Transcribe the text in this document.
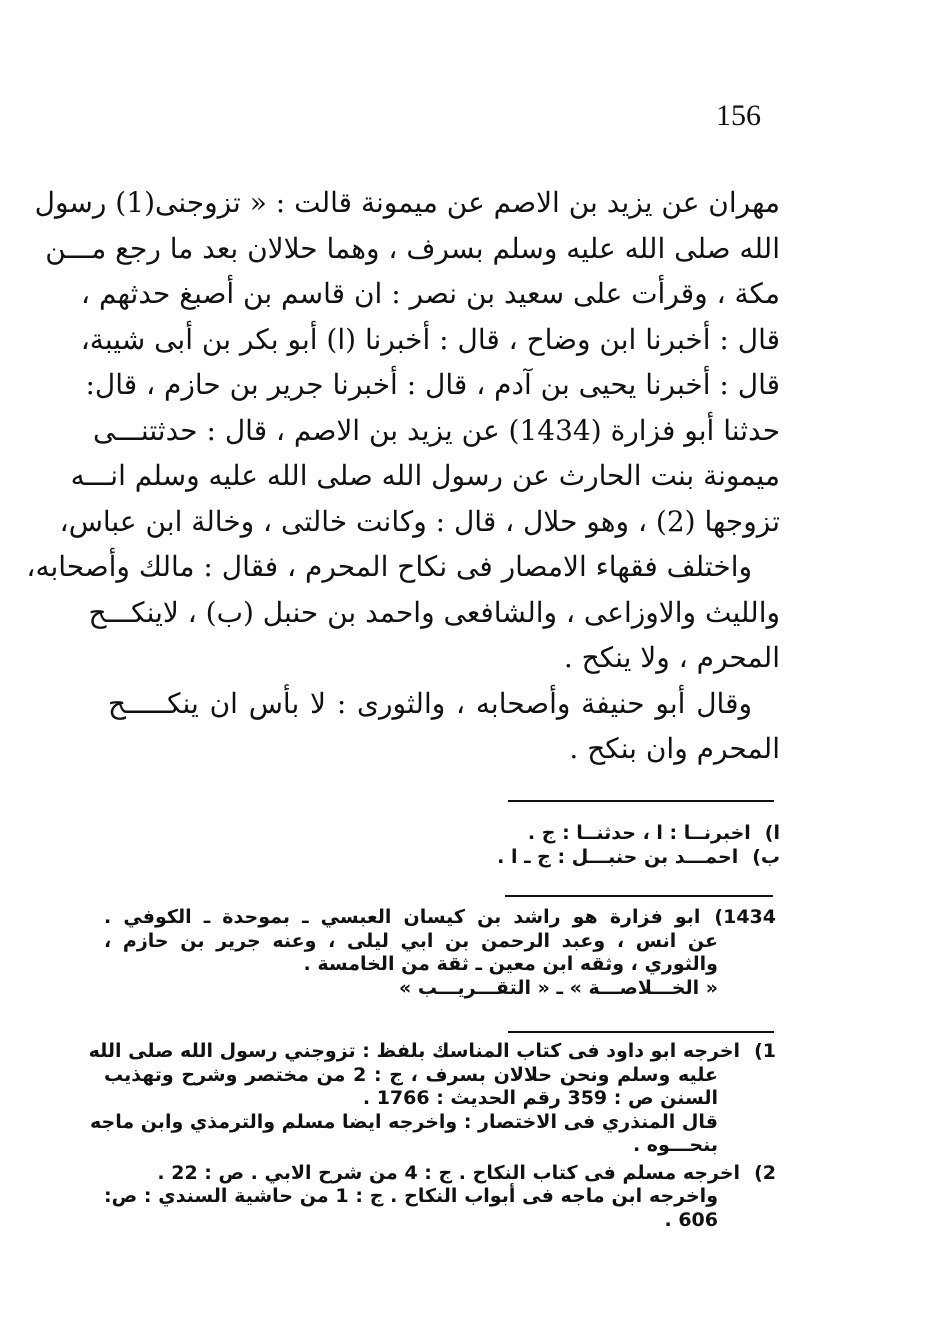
156
مهران عن يزيد بن الاصم عن ميمونة قالت : « تزوجنى(1) رسول
الله صلى الله عليه وسلم بسرف ، وهما حلالان بعد ما رجع مـــن
مكة ، وقرأت على سعيد بن نصر : ان قاسم بن أصبغ حدثهم ،
قال : أخبرنا ابن وضاح ، قال : أخبرنا (ا) أبو بكر بن أبى شيبة،
قال : أخبرنا يحيى بن آدم ، قال : أخبرنا جرير بن حازم ، قال:
حدثنا أبو فزارة (1434) عن يزيد بن الاصم ، قال : حدثتنـــى
ميمونة بنت الحارث عن رسول الله صلى الله عليه وسلم انـــه
تزوجها (2) ، وهو حلال ، قال : وكانت خالتى ، وخالة ابن عباس،
واختلف فقهاء الامصار فى نكاح المحرم ، فقال : مالك وأصحابه،
والليث والاوزاعى ، والشافعى واحمد بن حنبل (ب) ، لاينكـــح
المحرم ، ولا ينكح .
وقال أبو حنيفة وأصحابه ، والثورى : لا بأس ان ينكـــــح
المحرم وان بنكح .
ا)اخبرنــا : ا ، حدثنــا : ج .
ب)احمـــد بن حنبـــل : ج ـ ا .
1434)ابو فزارة هو راشد بن كيسان العبسي ـ بموحدة ـ الكوفي .
عن انس ، وعبد الرحمن بن ابي ليلى ، وعنه جرير بن حازم ،
والثوري ، وثقه ابن معين ـ ثقة من الخامسة .
« الخـــلاصـــة » ـ « التقـــريـــب »
1)اخرجه ابو داود فى كتاب المناسك بلفظ : تزوجني رسول الله صلى الله
عليه وسلم ونحن حلالان بسرف ، ج : 2 من مختصر وشرح وتهذيب
السنن ص : 359 رقم الحديث : 1766 .
قال المنذري فى الاختصار : واخرجه ايضا مسلم والترمذي وابن ماجه
بنحـــوه .
2)اخرجه مسلم فى كتاب النكاح . ج : 4 من شرح الابي . ص : 22 .
واخرجه ابن ماجه فى أبواب النكاح . ج : 1 من حاشية السندي : ص:
606 .
